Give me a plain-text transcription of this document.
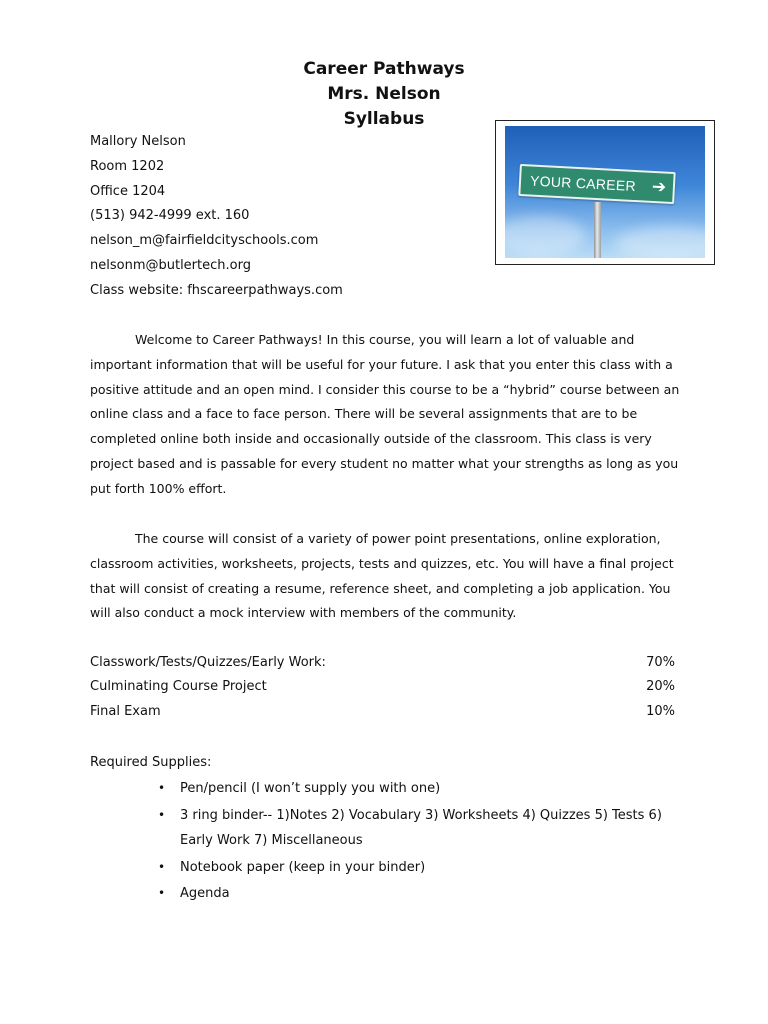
Career Pathways
Mrs. Nelson
Syllabus
Mallory Nelson
Room 1202
Office 1204
(513) 942-4999 ext. 160
nelson_m@fairfieldcityschools.com
nelsonm@butlertech.org
Class website: fhscareerpathways.com
YOUR CAREER ➔

Welcome to Career Pathways! In this course, you will learn a lot of valuable and important information that will be useful for your future. I ask that you enter this class with a positive attitude and an open mind. I consider this course to be a “hybrid” course between an online class and a face to face person. There will be several assignments that are to be completed online both inside and occasionally outside of the classroom. This class is very project based and is passable for every student no matter what your strengths as long as you put forth 100% effort.

The course will consist of a variety of power point presentations, online exploration, classroom activities, worksheets, projects, tests and quizzes, etc. You will have a final project that will consist of creating a resume, reference sheet, and completing a job application. You will also conduct a mock interview with members of the community.

Classwork/Tests/Quizzes/Early Work:	70%
Culminating Course Project	20%
Final Exam	10%
Required Supplies:
• Pen/pencil (I won’t supply you with one)
• 3 ring binder-- 1)Notes 2) Vocabulary 3) Worksheets 4) Quizzes 5) Tests 6) Early Work 7) Miscellaneous
• Notebook paper (keep in your binder)
• Agenda
